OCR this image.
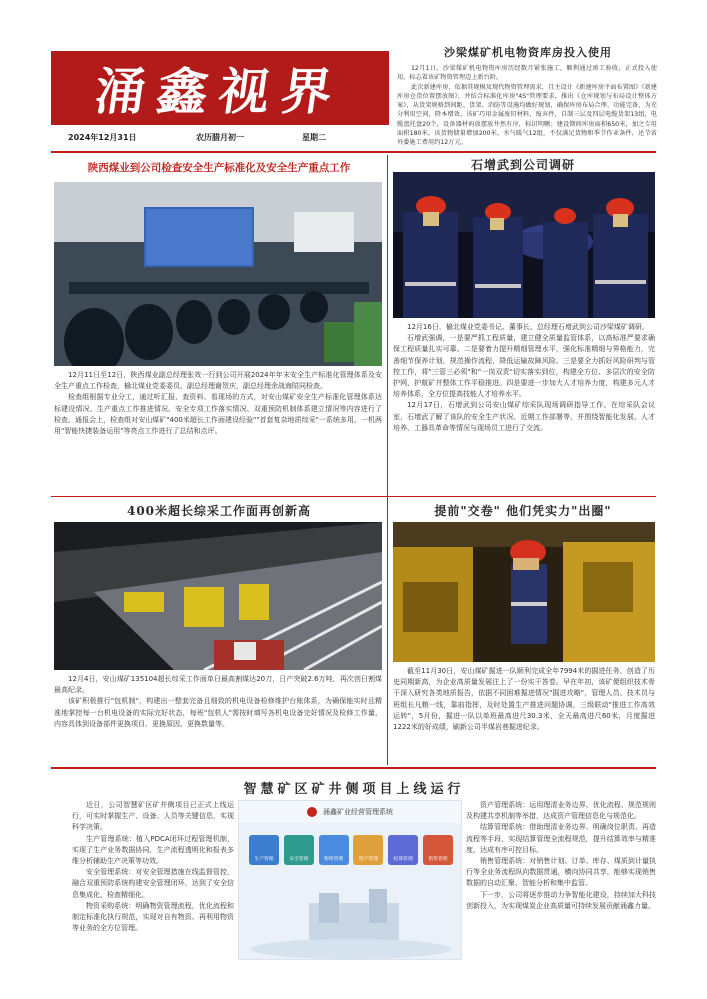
涌鑫视界
2024年12月31日	农历腊月初一	星期二
沙梁煤矿机电物资库房投入使用
12月1日，沙梁煤矿机电物资库房历经数月紧张施工，顺利通过竣工验收，正式投入使用，标志着该矿物资管理迈上新台阶。
此次新建库房，依据其规模及现代物资管理需求，且主设计《新建库房平面布置图》《新建库房仓货位置摆放图》，并结合标准化库房"4S"管理要求，推出《仓库规划与布局设计整体方案》，从货架规格到间距、货架、消防等设施均做好规划，确保库房布局合理、功能完备、为充分利用空间，降本增效，该矿巧用金属废旧材料，废弃件，自制三层及四层电缆货架13组，电缆盘托盘20个，设备器材码放摆放井然有序，标识明晰；建设期间库房面积650米，加之专用面积180米，该货物储量增加200米，水气暖气12组，不仅满足货物和季节作业条件，还节省外委施工费用约12万元。
陕西煤业到公司检查安全生产标准化及安全生产重点工作
12月11日至12日，陕西煤业副总经理张效一行到公司开展2024年年末安全生产标准化管理体系及安全生产重点工作检查，榆北煤业党委委员、副总经理谢贺庆，副总经理余战海陪同检查。
检查组根据专业分工，通过听汇报、查资料、看现场的方式，对安山煤矿安全生产标准化管理体系达标建设情况、生产重点工作推进情况、安全专项工作落实情况、双重预防机制体系建立情况等内容进行了检查。通报会上，检查组对安山煤矿"400米超长工作面建设经验""首套复杂地质综采"一系统多用、一机两用"智能快捷装备运用"等亮点工作进行了总结和点评。
石增武到公司调研
12月16日，榆北煤业党委书记、董事长、总经理石增武到公司沙梁煤矿调研。
石增武强调，一是要严抓工程质量，建立健全质量监管体系，以高标准严要求确保工程质量扎实可靠。二是要着力提升精细管理水平，强化标准精细与界格能力，完善细节保养计划，规范操作流程，降低运输故障风险。三是要全力抓好风险研判与管控工作，将"三管三必须"和"一岗双责"切实落实到位，构建全方位、多层次的安全防护网，护航矿井整体工作平稳推进。四是要进一步加大人才培养力度，构建多元人才培养体系，全方位提高技能人才培养水平。
12月17日，石增武到公司安山煤矿综采队现场调研指导工作。在综采队会议室，石增武了解了该队的安全生产状况、近期工作部署等，并围绕智能化发展、人才培养、工器具革命等情况与现场员工进行了交流。
400米超长综采工作面再创新高
12月4日，安山煤矿135104超长综采工作面单日最高割煤达20刀，日产突破2.6万吨，再次创日割煤最高纪录。
该矿积极推行"包机制"，构建出一整套完备且细致的机电设备检修维护台账体系，为确保能实时且精准地掌控每一台机电设备的实际完好状态，每班"包机人"需按时填写各机电设备完好情况及检修工作量，内容具体到设备部件更换项目、更换原因、更换数量等。
提前"交卷" 他们凭实力"出圈"
截至11月30日，安山煤矿掘进一队顺利完成全年7994米的掘进任务，创造了历史同期新高，为企业高质量发展注上了一份实干答卷。早在年初，该矿便组织技术骨干深入研究各类地质报告，依据不同困难掘进情况"掘进攻略"，管理人员、技术员与班组长凡粮一线，靠前指挥，及时处置生产推进问题协调，三级联动"推进工作高效运转"，5月份，掘进一队以单班最高进尺30.3米，全天最高进尺60米，月度掘进1222米的好成绩，刷新公司半煤岩巷掘进纪录。
智慧矿区矿井侧项目上线运行
近日，公司智慧矿区矿井侧项目已正式上线运行，可实时掌握生产、设备、人员等关键信息，实现科学决策。
生产管理系统：植入PDCA闭环过程管理机制，实现了生产业务数据协同，生产流程透明化和报表多维分析辅助生产决策等功效。
安全管理系统：对安全管理措施在线监督管控，融合双重预防系统构建安全管理闭环，达到了安全信息集成化，检查精细化。
物资采购系统：明确物资管理流程，优化流程和制定标准化执行规范，实现对自有物资、再利用物资等业务的全方位管理。
涌鑫矿业经营管理系统
生产管理	安全管理	物资管理	资产管理	结算管理	销售管理
资产管理系统：运用理清业务边界、优化流程、规范规则及构建共享机制等举措，达成资产管理信息化与规范化。
结算管理系统：借助理清业务边界、明确岗位职责、再造流程等手段，实现结算管理全流程规范，提升结算效率与精准度，达成有序可控目标。
销售管理系统：对销售计划、订单、库存、煤质到计量执行等全业务流程纵向数据贯通，横向协同共享，能够实现销售数据的自动汇聚、智能分析和集中监管。
下一步，公司将逐步推动力争智能化建设，持续加大科技创新投入，为实现煤炭企业高质量可持续发展贡献涌鑫力量。
